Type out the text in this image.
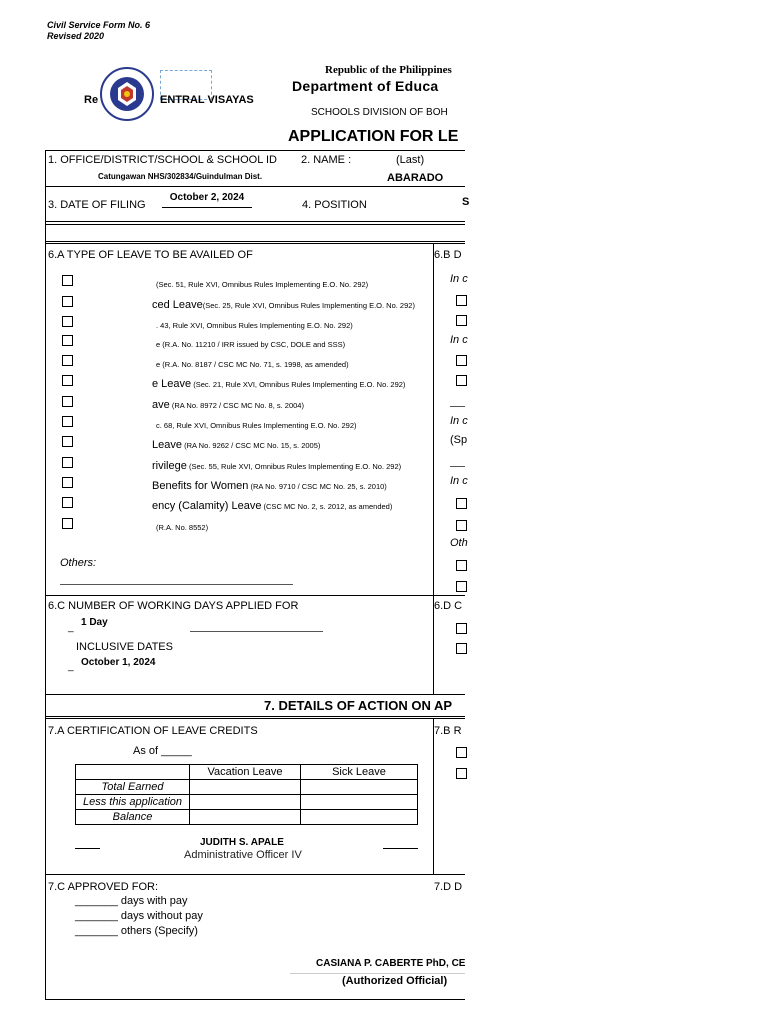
Civil Service Form No. 6
Revised 2020
Republic of the Philippines
Department of Educa
Re	ENTRAL VISAYAS
SCHOOLS DIVISION OF BOH
APPLICATION FOR LE
1. OFFICE/DISTRICT/SCHOOL & SCHOOL ID
Catungawan NHS/302834/Guindulman Dist.
2. NAME :	(Last)
ABARADO
3. DATE OF FILING
October 2, 2024
4. POSITION	S
6.A TYPE OF LEAVE TO BE AVAILED OF
Others:
6.B D
In c
In c
In c
(Sp
In c
Oth
6.C NUMBER OF WORKING DAYS APPLIED FOR
_ 1 Day
INCLUSIVE DATES
_ October 1, 2024
6.D C
7. DETAILS OF ACTION ON AP
7.A CERTIFICATION OF LEAVE CREDITS
As of _____
	Vacation Leave	Sick Leave
Total Earned		
Less this application		
Balance		
Administrative Officer IV
JUDITH S. APALE
7.B R
7.C APPROVED FOR:
_______ days with pay
_______ days without pay
_______ others (Specify)
7.D D
CASIANA P. CABERTE PhD, CE
(Authorized Official)
(Sec. 51, Rule XVI, Omnibus Rules Implementing E.O. No. 292)
ced Leave(Sec. 25, Rule XVI, Omnibus Rules Implementing E.O. No. 292)
. 43, Rule XVI, Omnibus Rules Implementing E.O. No. 292)
e (R.A. No. 11210 / IRR issued by CSC, DOLE and SSS)
e (R.A. No. 8187 / CSC MC No. 71, s. 1998, as amended)
e Leave (Sec. 21, Rule XVI, Omnibus Rules Implementing E.O. No. 292)
ave (RA No. 8972 / CSC MC No. 8, s. 2004)
c. 68, Rule XVI, Omnibus Rules Implementing E.O. No. 292)
Leave (RA No. 9262 / CSC MC No. 15, s. 2005)
rivilege (Sec. 55, Rule XVI, Omnibus Rules Implementing E.O. No. 292)
Benefits for Women (RA No. 9710 / CSC MC No. 25, s. 2010)
ency (Calamity) Leave (CSC MC No. 2, s. 2012, as amended)
(R.A. No. 8552)
